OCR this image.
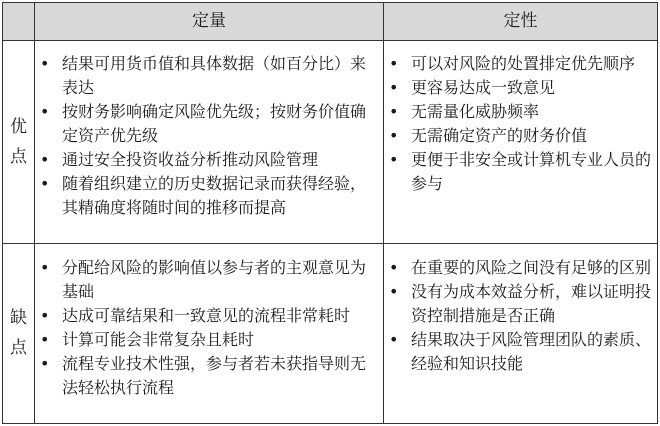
定量	定性
优
点
缺
点
• 结果可用货币值和具体数据（如百分比）来表达
• 按财务影响确定风险优先级；按财务价值确定资产优先级
• 通过安全投资收益分析推动风险管理
• 随着组织建立的历史数据记录而获得经验，其精确度将随时间的推移而提高
• 可以对风险的处置排定优先顺序
• 更容易达成一致意见
• 无需量化威胁频率
• 无需确定资产的财务价值
• 更便于非安全或计算机专业人员的参与
• 分配给风险的影响值以参与者的主观意见为基础
• 达成可靠结果和一致意见的流程非常耗时
• 计算可能会非常复杂且耗时
• 流程专业技术性强，参与者若未获指导则无法轻松执行流程
• 在重要的风险之间没有足够的区别
• 没有为成本效益分析，难以证明投资控制措施是否正确
• 结果取决于风险管理团队的素质、经验和知识技能
